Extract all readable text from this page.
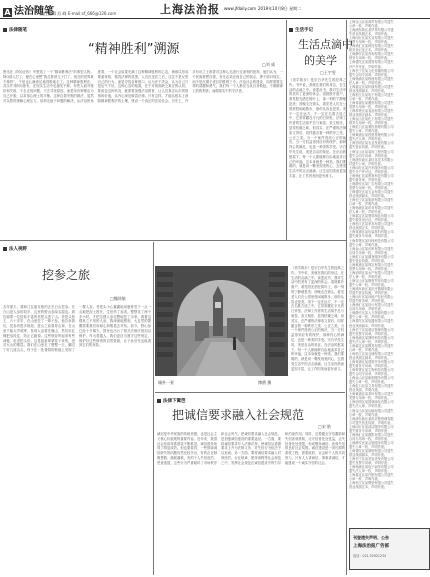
A 法治随笔
责任编辑 苏 峰 E-mail:sf_666@126.com	上海法治报 www.jfdaily.com 2019年10月8日 星期二
法律随笔
“精神胜利”溯源
□刘 威
鲁迅在《阿Q正传》中塑造了一个“精神胜利法”的典型人物。阿Q被人打了，便在心里想“我总算被儿子打了，现在的世界真不像样”，于是也心满意足地得胜地走了。这种精神胜利法，其实并非阿Q独有，在现实生活中也屡见不鲜。有些人面对挫折和失败，不去正视问题，不去寻找原因，而是用各种理由为自己开脱，以求得心理上的平衡。这种自我安慰的做法，虽然可以暂时缓解心理压力，但却无助于问题的解决。从法治的角度看，一个社会如果充满了这种精神胜利的心态，就难以形成尊重规则、敬畏法律的氛围。人们在违法之后，往往不是反思自己的行为，而是寻找各种借口，认为法不责众，认为自己只是运气不好。这种心态的根源，在于对规则缺乏真正的认同。要改变这种状况，就需要加强法治教育，让人们真正认识到规则的价值，从内心深处敬畏法律。只有这样，才能从根本上消除精神胜利法的土壤，建设一个真正的法治社会。历史上，许多有识之士都曾对这种心态进行过深刻的批判，他们认为，一个民族要想自强，首先必须正视自己的弱点，勇于面对现实，而不是沉溺于虚幻的胜利之中。法治社会的建设，同样需要这样的清醒和勇气。我们每一个人都应当从自身做起，不做精神上的胜利者，而做现实中的守法者。
生活手记
生活点滴中
的美学
□王宇雯
《美学散步》是宗白华先生的经典之作。书中说，美就在我们的身边，在生活的点滴之中。读罢此书，我对生活中的美有了更深的体会。清晨推开窗户，看见阳光洒在树叶上，那一刻的宁静便是美；傍晚走在街头，看见老人们在公园里悠闲地散步，那份从容也是美。美不一定在远方，不一定在名胜古迹之中，它常常藏在平凡的日常里。法律工作者的生活似乎总与案卷、条文相伴，显得枯燥乏味，但其实，在严谨的法律条文背后，同样蕴含着一种秩序之美、公正之美。当一个案件得到公正的裁决，当一方权益得到应有的保护，那种内心的满足，也是一种美的享受。宗白华先生说，美是自由的象征。在法治的框架下，每一个人都能够自由地追求自己的幸福，这本身就是一种美。我们要做的，就是用一颗发现美的心，去感受生活中的点点滴滴，让生活因美而更加丰富，让工作因美而更有意义。
法人视野
挖参之旅
□魏瑶敏
去年夏天，我和几位朋友相约去长白山挖参。长白山是人参的故乡，这里的野山参闻名遐迩。我们跟着一位经验丰富的老把头进了山。老把头姓王，六十多岁，在山里挖了一辈子参。他告诉我们，挖参有很多规矩，进山之前要拜山神，在山里不能大声喧哗，发现人参要先喊山，然后用红绳把参拴住，防止它跑掉。这些规矩听起来有些神秘，但老把头说，这是祖祖辈辈传下来的，是对大山的敬畏。我们在山里走了整整一天，翻过了好几座山头，终于在一处背阴的坡地上发现了一棵人参。老把头小心翼翼地用鹿骨签子一点一点地把泥土拨开，生怕伤了参须。整整花了两个多小时，才把这棵人参完整地挖了出来。看着这棵来之不易的人参，我深深地感到，大自然的馈赠需要我们用耐心和敬畏去对待。如今，野山参已经十分稀少，国家也出台了相关法律法规加以保护。作为普通人，我们更应当遵守这些规定，保护好这些珍贵的自然资源，让子孙后代也能看到它们的身影。
城外一景	博鹄 摄
《美学散步》是宗白华先生的经典之作。书中说，美就在我们的身边，在生活的点滴之中。读罢此书，我对生活中的美有了更深的体会。清晨推开窗户，看见阳光洒在树叶上，那一刻的宁静便是美；傍晚走在街头，看见老人们在公园里悠闲地散步，那份从容也是美。美不一定在远方，不一定在名胜古迹之中，它常常藏在平凡的日常里。法律工作者的生活似乎总与案卷、条文相伴，显得枯燥乏味，但其实，在严谨的法律条文背后，同样蕴含着一种秩序之美、公正之美。当一个案件得到公正的裁决，当一方权益得到应有的保护，那种内心的满足，也是一种美的享受。宗白华先生说，美是自由的象征。在法治的框架下，每一个人都能够自由地追求自己的幸福，这本身就是一种美。我们要做的，就是用一颗发现美的心，去感受生活中的点点滴滴，让生活因美而更加丰富，让工作因美而更有意义。
法律下篱笆
把诚信要求融入社会规范
□宋 皓
诚信是中华民族的传统美德，也是社会主义核心价值观的重要内容。近年来，我国社会信用体系建设不断推进，诚信建设取得了明显成效。但也要看到，一些领域诚信缺失的问题仍然比较突出，有的企业制假售假、偷税漏税，有的个人失信违约、恶意逃债，这些行为严重破坏了市场秩序和社会风气。把诚信要求融入社会规范，是加强诚信建设的重要途径。一方面，要将诚信要求写入法律法规，使诚信从道德要求上升为法律义务，对失信行为依法予以惩戒；另一方面，要将诚信要求融入村规民约、行业规章、团体章程等社会规范之中，发挥社会规范在诚信建设中的引导和约束作用。同时，还要健全守信激励和失信惩戒机制，让守信者处处受益，让失信者处处受限，形成褒扬诚信、惩戒失信的良好社会氛围。诚信建设是一项长期的系统工程，需要政府、社会和个人的共同努力。只有人人讲诚信、事事讲诚信，才能建成一个诚实守信的社会。
上海宝山区某商贸有限公司遗失
公章一枚，声明作废。
上海浦东新区某贸易有限公司遗
失营业执照正本，声明作废。
上海闵行区某实业有限公司遗失
发票专用章一枚，声明作废。
上海徐汇区某科技有限公司遗失
税务登记证正本，声明作废。
上海静安区某咨询有限公司遗失
财务专用章一枚，声明作废。
上海普陀区某建材有限公司遗失
开户许可证，声明作废。
上海长宁区某文化传播有限公司
遗失合同专用章，声明作废。
上海杨浦区某物流有限公司遗失
法人章一枚，声明作废。
上海嘉定区某机械有限公司遗失
营业执照副本，声明作废。
上海松江区某电子有限公司遗失
公章一枚，声明作废。
上海青浦区某服饰有限公司遗失
发票专用章一枚，声明作废。
上海奉贤区某食品有限公司遗失
营业执照正副本，声明作废。
上海金山区某化工有限公司遗失
财务专用章一枚，声明作废。
上海虹口区某餐饮管理有限公司
遗失公章，声明作废。
上海黄浦区某投资管理有限公司
遗失法人章，声明作废。
上海崇明区某农业发展有限公司
遗失营业执照，声明作废。
上海宝山区某装饰工程有限公司
遗失合同专用章，声明作废。
上海浦东新区某信息技术有限公
司遗失公章，声明作废。
上海闵行区某汽车服务有限公司
遗失开户许可证，声明作废。
上海徐汇区某教育科技有限公司
遗失财务章，声明作废。
上海静安区某广告有限公司遗失
发票专用章一枚，声明作废。
上海普陀区某五金有限公司遗失
营业执照副本，声明作废。
上海长宁区某旅游有限公司遗失
公章一枚，声明作废。
上海杨浦区某印务有限公司遗失
法人章一枚，声明作废。
上海嘉定区某塑料制品有限公司
遗失税务登记证，声明作废。
上海松江区某家具有限公司遗失
营业执照正本，声明作废。
上海青浦区某包装材料有限公司
遗失财务专用章，声明作废。
上海奉贤区某环保科技有限公司
遗失公章，声明作废。
上海金山区某纺织有限公司遗失
合同专用章一枚，声明作废。
上海虹口区某健身服务有限公司
遗失营业执照，声明作废。
上海黄浦区某珠宝有限公司遗失
发票专用章一枚，声明作废。
上海崇明区某水产有限公司遗失
法人章一枚，声明作废。
上海宝山区某钢材贸易有限公司
遗失公章一枚，声明作废。
上海浦东新区某医疗器械有限公
司遗失营业执照，声明作废。
上海闵行区某房地产经纪有限公
司遗失财务章，声明作废。
上海徐汇区某设计有限公司遗失
合同专用章，声明作废。
上海静安区某人力资源有限公司
遗失公章一枚，声明作废。
上海普陀区某电器有限公司遗失
营业执照副本，声明作废。
上海长宁区某酒店管理有限公司
遗失发票专用章，声明作废。
上海杨浦区某网络科技有限公司
遗失法人章一枚，声明作废。
上海嘉定区某模具有限公司遗失
公章一枚，声明作废。
上海松江区某仓储有限公司遗失
营业执照正副本，声明作废。
上海青浦区某建筑劳务有限公司
遗失财务专用章，声明作废。
上海奉贤区某生物科技有限公司
遗失合同专用章，声明作废。
上海金山区某船舶服务有限公司
遗失公章一枚，声明作废。
上海虹口区某文具有限公司遗失
营业执照，声明作废。
上海黄浦区某茶叶有限公司遗失
发票专用章一枚，声明作废。
上海崇明区某园林绿化有限公司
遗失法人章，声明作废。
上海宝山区某运输有限公司遗失
公章一枚，声明作废。
上海浦东新区某供应链管理有限
公司遗失营业执照，声明作废。
上海闵行区某清洁服务有限公司
遗失财务专用章，声明作废。
上海徐汇区某摄影有限公司遗失
合同专用章一枚，声明作废。
上海静安区某会展服务有限公司
遗失公章一枚，声明作废。
上海普陀区某照明有限公司遗失
营业执照副本，声明作废。
上海长宁区某美容美发有限公司
遗失发票专用章，声明作废。
上海杨浦区某电子商务有限公司
遗失法人章一枚，声明作废。
上海嘉定区某汽配有限公司遗失
公章一枚，声明作废。
上海松江区某陶瓷有限公司遗失
营业执照正本，声明作废。
刊登遗失声明、公告
上海法治报广告部
电话：021-52921234
